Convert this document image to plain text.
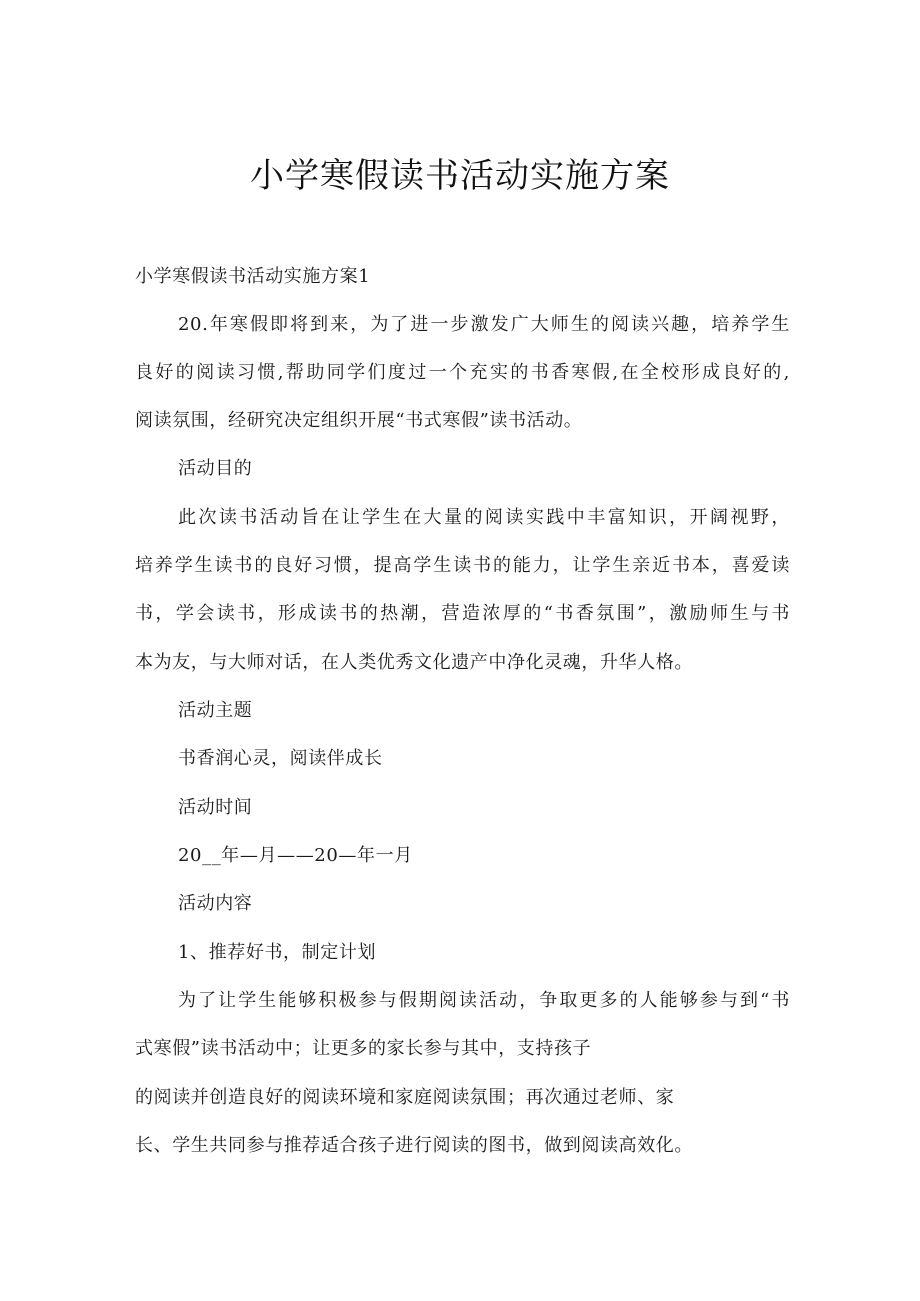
小学寒假读书活动实施方案

小学寒假读书活动实施方案1

20.年寒假即将到来，为了进一步激发广大师生的阅读兴趣，培养学生

良好的阅读习惯,帮助同学们度过一个充实的书香寒假,在全校形成良好的,

阅读氛围，经研究决定组织开展“书式寒假”读书活动。

活动目的

此次读书活动旨在让学生在大量的阅读实践中丰富知识，开阔视野，

培养学生读书的良好习惯，提高学生读书的能力，让学生亲近书本，喜爱读

书，学会读书，形成读书的热潮，营造浓厚的“书香氛围”，激励师生与书

本为友，与大师对话，在人类优秀文化遗产中净化灵魂，升华人格。

活动主题

书香润心灵，阅读伴成长

活动时间

20__年—月——20—年一月

活动内容

1、推荐好书，制定计划

为了让学生能够积极参与假期阅读活动，争取更多的人能够参与到“书

式寒假”读书活动中；让更多的家长参与其中，支持孩子

的阅读并创造良好的阅读环境和家庭阅读氛围；再次通过老师、家

长、学生共同参与推荐适合孩子进行阅读的图书，做到阅读高效化。
